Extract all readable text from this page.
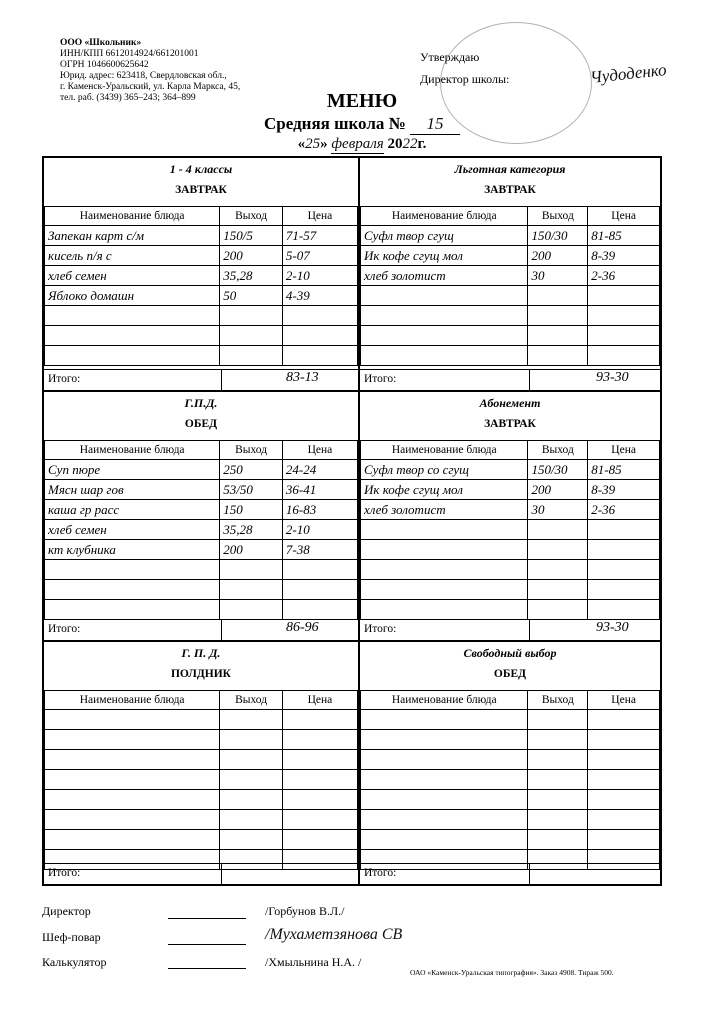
ООО «Школьник»
ИНН/КПП 6612014924/661201001
ОГРН 1046600625642
Юрид. адрес: 623418, Свердловская обл.,
г. Каменск-Уральский, ул. Карла Маркса, 45,
тел. раб. (3439) 365–243; 364–899
Утверждаю
Директор школы:	Чудоденко
МЕНЮ
Средняя школа № 15
«25» февраля 2022г.
1 - 4 классы
ЗАВТРАК
Наименование блюда	Выход	Цена
Запекан карт с/м	150/5	71-57
кисель п/я с	200	5-07
хлеб семен	35,28	2-10
Яблоко домашн	50	4-39

Итого:	83-13
Льготная категория
ЗАВТРАК
Наименование блюда	Выход	Цена
Суфл твор сгущ	150/30	81-85
Ик кофе сгущ мол	200	8-39
хлеб золотист	30	2-36

Итого:	93-30
Г.П.Д.
ОБЕД
Наименование блюда	Выход	Цена
Суп пюре	250	24-24
Мясн шар гов	53/50	36-41
каша гр расс	150	16-83
хлеб семен	35,28	2-10
кт клубника	200	7-38

Итого:	86-96
Абонемент
ЗАВТРАК
Наименование блюда	Выход	Цена
Суфл твор со сгущ	150/30	81-85
Ик кофе сгущ мол	200	8-39
хлеб золотист	30	2-36

Итого:	93-30
Г. П. Д.
ПОЛДНИК
Наименование блюда	Выход	Цена

Итого:
Свободный выбор
ОБЕД
Наименование блюда	Выход	Цена

Итого:
Директор
Шеф-повар
Калькулятор
/Горбунов В.Л./
/Мухаметзянова СВ
/Хмыльнина Н.А. /
ОАО «Каменск-Уральская типография». Заказ 4908. Тираж 500.
